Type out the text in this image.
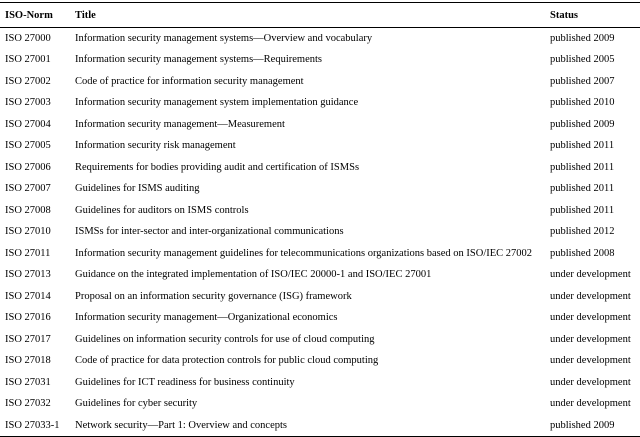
ISO-Norm	Title	Status
ISO 27000	Information security management systems—Overview and vocabulary	published 2009
ISO 27001	Information security management systems—Requirements	published 2005
ISO 27002	Code of practice for information security management	published 2007
ISO 27003	Information security management system implementation guidance	published 2010
ISO 27004	Information security management—Measurement	published 2009
ISO 27005	Information security risk management	published 2011
ISO 27006	Requirements for bodies providing audit and certification of ISMSs	published 2011
ISO 27007	Guidelines for ISMS auditing	published 2011
ISO 27008	Guidelines for auditors on ISMS controls	published 2011
ISO 27010	ISMSs for inter-sector and inter-organizational communications	published 2012
ISO 27011	Information security management guidelines for telecommunications organizations based on ISO/IEC 27002	published 2008
ISO 27013	Guidance on the integrated implementation of ISO/IEC 20000-1 and ISO/IEC 27001	under development
ISO 27014	Proposal on an information security governance (ISG) framework	under development
ISO 27016	Information security management—Organizational economics	under development
ISO 27017	Guidelines on information security controls for use of cloud computing	under development
ISO 27018	Code of practice for data protection controls for public cloud computing	under development
ISO 27031	Guidelines for ICT readiness for business continuity	under development
ISO 27032	Guidelines for cyber security	under development
ISO 27033-1	Network security—Part 1: Overview and concepts	published 2009
